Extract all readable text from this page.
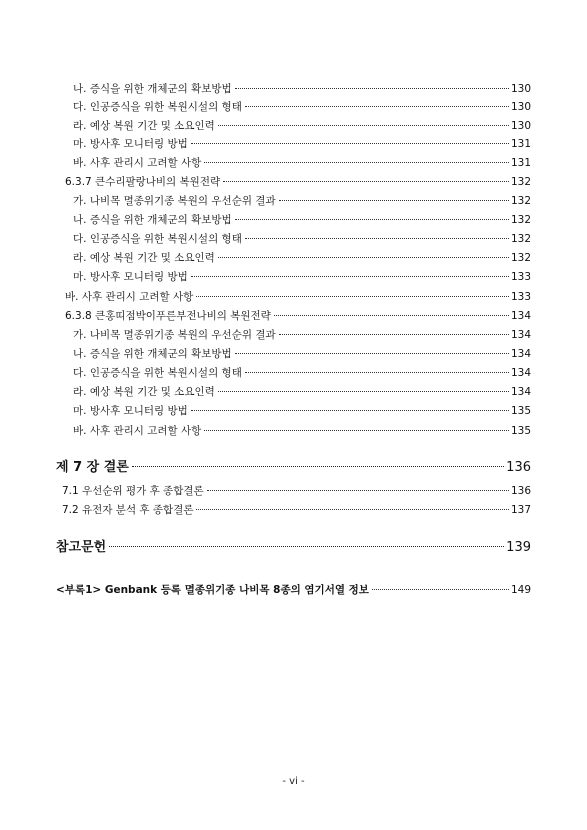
나. 증식을 위한 개체군의 확보방법	130
다. 인공증식을 위한 복원시설의 형태	130
라. 예상 복원 기간 및 소요인력	130
마. 방사후 모니터링 방법	131
바. 사후 관리시 고려할 사항	131
6.3.7 큰수리팔랑나비의 복원전략	132
가. 나비목 멸종위기종 복원의 우선순위 결과	132
나. 증식을 위한 개체군의 확보방법	132
다. 인공증식을 위한 복원시설의 형태	132
라. 예상 복원 기간 및 소요인력	132
마. 방사후 모니터링 방법	133
바. 사후 관리시 고려할 사항	133
6.3.8 큰홍띠점박이푸른부전나비의 복원전략	134
가. 나비목 멸종위기종 복원의 우선순위 결과	134
나. 증식을 위한 개체군의 확보방법	134
다. 인공증식을 위한 복원시설의 형태	134
라. 예상 복원 기간 및 소요인력	134
마. 방사후 모니터링 방법	135
바. 사후 관리시 고려할 사항	135
제 7 장 결론	136
7.1 우선순위 평가 후 종합결론	136
7.2 유전자 분석 후 종합결론	137
참고문헌	139
<부록1> Genbank 등록 멸종위기종 나비목 8종의 염기서열 정보	149
- vi -
